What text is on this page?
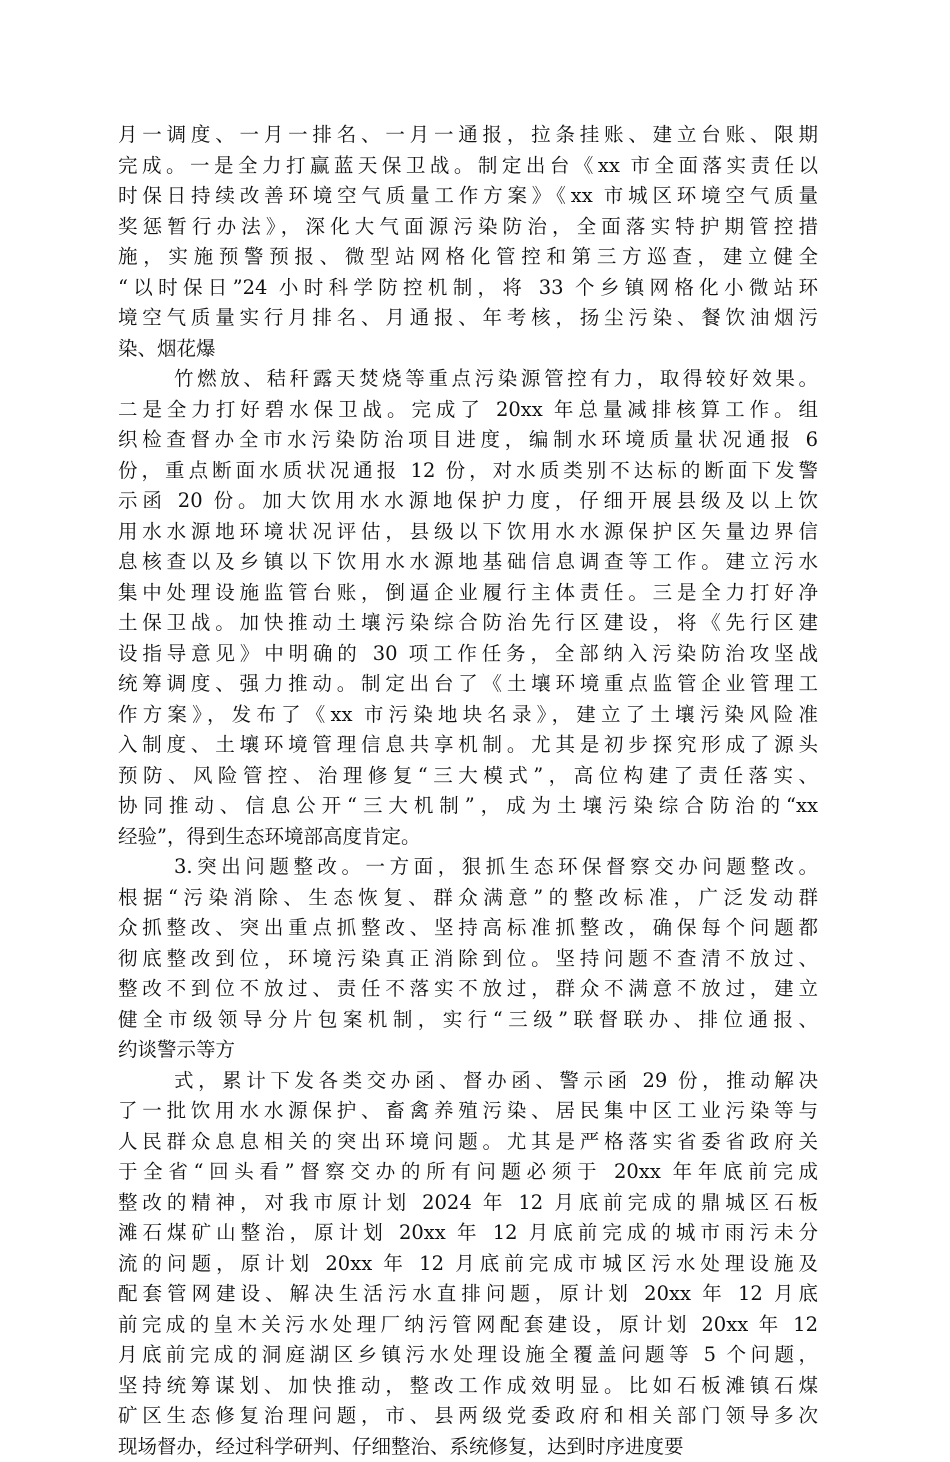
月一调度、一月一排名、一月一通报，拉条挂账、建立台账、限期
完成。一是全力打赢蓝天保卫战。制定出台《xx 市全面落实责任以
时保日持续改善环境空气质量工作方案》《xx 市城区环境空气质量
奖惩暂行办法》，深化大气面源污染防治，全面落实特护期管控措
施，实施预警预报、微型站网格化管控和第三方巡查，建立健全
“以时保日”24 小时科学防控机制，将 33 个乡镇网格化小微站环
境空气质量实行月排名、月通报、年考核，扬尘污染、餐饮油烟污
染、烟花爆
竹燃放、秸秆露天焚烧等重点污染源管控有力，取得较好效果。
二是全力打好碧水保卫战。完成了 20xx 年总量减排核算工作。组
织检查督办全市水污染防治项目进度，编制水环境质量状况通报 6
份，重点断面水质状况通报 12 份，对水质类别不达标的断面下发警
示函 20 份。加大饮用水水源地保护力度，仔细开展县级及以上饮
用水水源地环境状况评估，县级以下饮用水水源保护区矢量边界信
息核查以及乡镇以下饮用水水源地基础信息调查等工作。建立污水
集中处理设施监管台账，倒逼企业履行主体责任。三是全力打好净
土保卫战。加快推动土壤污染综合防治先行区建设，将《先行区建
设指导意见》中明确的 30 项工作任务，全部纳入污染防治攻坚战
统筹调度、强力推动。制定出台了《土壤环境重点监管企业管理工
作方案》，发布了《xx 市污染地块名录》，建立了土壤污染风险准
入制度、土壤环境管理信息共享机制。尤其是初步探究形成了源头
预防、风险管控、治理修复“三大模式”，高位构建了责任落实、
协同推动、信息公开“三大机制”，成为土壤污染综合防治的“xx
经验”，得到生态环境部高度肯定。
3.突出问题整改。一方面，狠抓生态环保督察交办问题整改。
根据“污染消除、生态恢复、群众满意”的整改标准，广泛发动群
众抓整改、突出重点抓整改、坚持高标准抓整改，确保每个问题都
彻底整改到位，环境污染真正消除到位。坚持问题不查清不放过、
整改不到位不放过、责任不落实不放过，群众不满意不放过，建立
健全市级领导分片包案机制，实行“三级”联督联办、排位通报、
约谈警示等方
式，累计下发各类交办函、督办函、警示函 29 份，推动解决
了一批饮用水水源保护、畜禽养殖污染、居民集中区工业污染等与
人民群众息息相关的突出环境问题。尤其是严格落实省委省政府关
于全省“回头看”督察交办的所有问题必须于 20xx 年年底前完成
整改的精神，对我市原计划 2024 年 12 月底前完成的鼎城区石板
滩石煤矿山整治，原计划 20xx 年 12 月底前完成的城市雨污未分
流的问题，原计划 20xx 年 12 月底前完成市城区污水处理设施及
配套管网建设、解决生活污水直排问题，原计划 20xx 年 12 月底
前完成的皇木关污水处理厂纳污管网配套建设，原计划 20xx 年 12
月底前完成的洞庭湖区乡镇污水处理设施全覆盖问题等 5 个问题，
坚持统筹谋划、加快推动，整改工作成效明显。比如石板滩镇石煤
矿区生态修复治理问题，市、县两级党委政府和相关部门领导多次
现场督办，经过科学研判、仔细整治、系统修复，达到时序进度要
